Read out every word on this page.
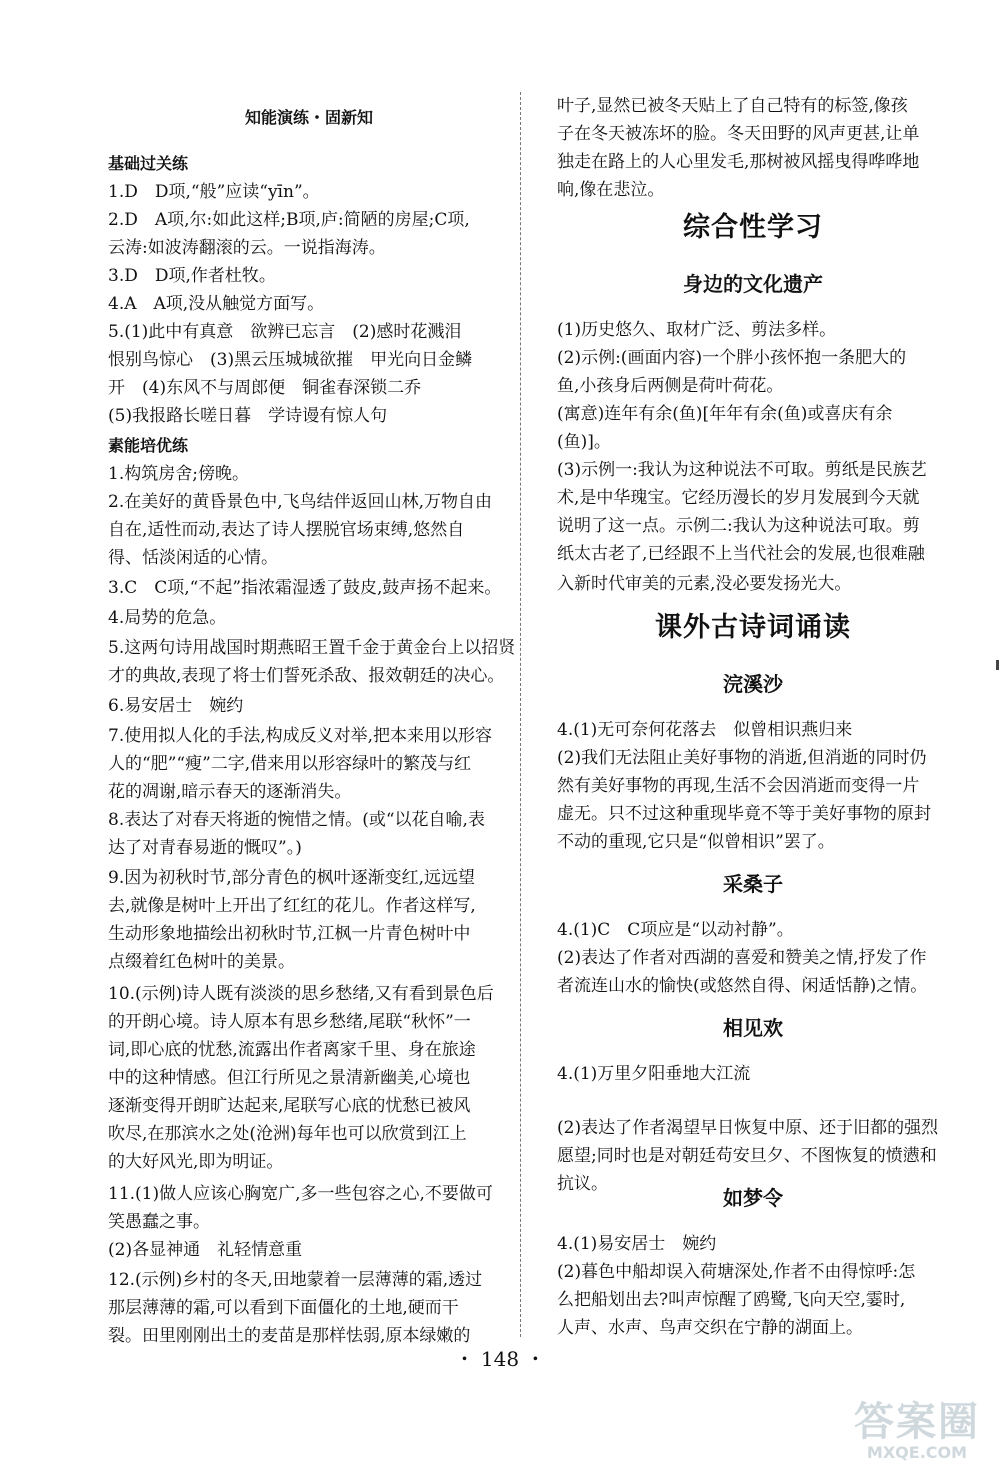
知能演练・固新知
基础过关练
1.D　D项,“般”应读“yīn”。
2.D　A项,尔:如此这样;B项,庐:简陋的房屋;C项,
云涛:如波涛翻滚的云。一说指海涛。
3.D　D项,作者杜牧。
4.A　A项,没从触觉方面写。
5.(1)此中有真意　欲辨已忘言　(2)感时花溅泪
恨别鸟惊心　(3)黑云压城城欲摧　甲光向日金鳞
开　(4)东风不与周郎便　铜雀春深锁二乔
(5)我报路长嗟日暮　学诗谩有惊人句
素能培优练
1.构筑房舍;傍晚。
2.在美好的黄昏景色中,飞鸟结伴返回山林,万物自由
自在,适性而动,表达了诗人摆脱官场束缚,悠然自
得、恬淡闲适的心情。
3.C　C项,“不起”指浓霜湿透了鼓皮,鼓声扬不起来。
4.局势的危急。
5.这两句诗用战国时期燕昭王置千金于黄金台上以招贤
才的典故,表现了将士们誓死杀敌、报效朝廷的决心。
6.易安居士　婉约
7.使用拟人化的手法,构成反义对举,把本来用以形容
人的“肥”“瘦”二字,借来用以形容绿叶的繁茂与红
花的凋谢,暗示春天的逐渐消失。
8.表达了对春天将逝的惋惜之情。(或“以花自喻,表
达了对青春易逝的慨叹”。)
9.因为初秋时节,部分青色的枫叶逐渐变红,远远望
去,就像是树叶上开出了红红的花儿。作者这样写,
生动形象地描绘出初秋时节,江枫一片青色树叶中
点缀着红色树叶的美景。
10.(示例)诗人既有淡淡的思乡愁绪,又有看到景色后
的开朗心境。诗人原本有思乡愁绪,尾联“秋怀”一
词,即心底的忧愁,流露出作者离家千里、身在旅途
中的这种情感。但江行所见之景清新幽美,心境也
逐渐变得开朗旷达起来,尾联写心底的忧愁已被风
吹尽,在那滨水之处(沧洲)每年也可以欣赏到江上
的大好风光,即为明证。
11.(1)做人应该心胸宽广,多一些包容之心,不要做可
笑愚蠢之事。
(2)各显神通　礼轻情意重
12.(示例)乡村的冬天,田地蒙着一层薄薄的霜,透过
那层薄薄的霜,可以看到下面僵化的土地,硬而干
裂。田里刚刚出土的麦苗是那样怯弱,原本绿嫩的
叶子,显然已被冬天贴上了自己特有的标签,像孩
子在冬天被冻坏的脸。冬天田野的风声更甚,让单
独走在路上的人心里发毛,那树被风摇曳得哗哗地
响,像在悲泣。
综合性学习
身边的文化遗产
(1)历史悠久、取材广泛、剪法多样。
(2)示例:(画面内容)一个胖小孩怀抱一条肥大的
鱼,小孩身后两侧是荷叶荷花。
(寓意)连年有余(鱼)[年年有余(鱼)或喜庆有余
(鱼)]。
(3)示例一:我认为这种说法不可取。剪纸是民族艺
术,是中华瑰宝。它经历漫长的岁月发展到今天就
说明了这一点。示例二:我认为这种说法可取。剪
纸太古老了,已经跟不上当代社会的发展,也很难融
入新时代审美的元素,没必要发扬光大。
课外古诗词诵读
浣溪沙
4.(1)无可奈何花落去　似曾相识燕归来
(2)我们无法阻止美好事物的消逝,但消逝的同时仍
然有美好事物的再现,生活不会因消逝而变得一片
虚无。只不过这种重现毕竟不等于美好事物的原封
不动的重现,它只是“似曾相识”罢了。
采桑子
4.(1)C　C项应是“以动衬静”。
(2)表达了作者对西湖的喜爱和赞美之情,抒发了作
者流连山水的愉快(或悠然自得、闲适恬静)之情。
相见欢
4.(1)万里夕阳垂地大江流
(2)表达了作者渴望早日恢复中原、还于旧都的强烈
愿望;同时也是对朝廷苟安旦夕、不图恢复的愤懑和
抗议。
如梦令
4.(1)易安居士　婉约
(2)暮色中船却误入荷塘深处,作者不由得惊呼:怎
么把船划出去?叫声惊醒了鸥鹭,飞向天空,霎时,
人声、水声、鸟声交织在宁静的湖面上。
・ 148 ・
答案圈
MXQE.COM
